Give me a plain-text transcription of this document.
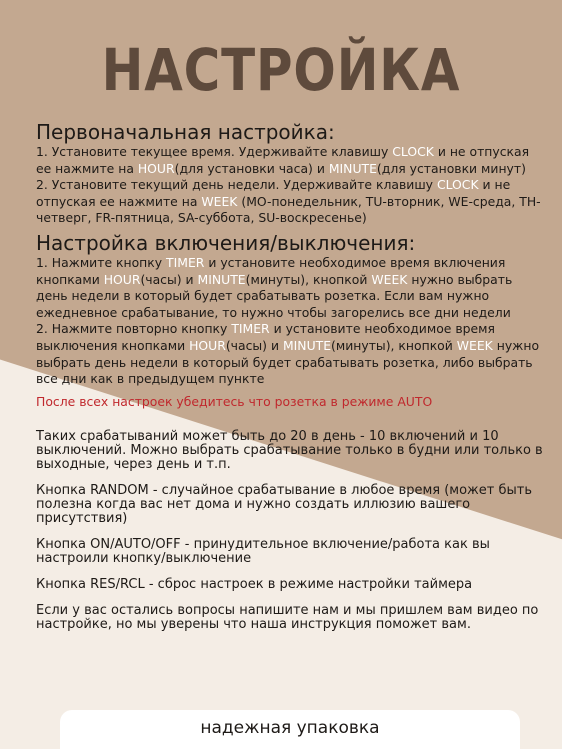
НАСТРОЙКА
Первоначальная настройка:

1. Установите текущее время. Удерживайте клавишу CLOCK и не отпуская ее нажмите на HOUR(для установки часа) и MINUTE(для установки минут)

2. Установите текущий день недели. Удерживайте клавишу CLOCK и не отпуская ее нажмите на WEEK (MO-понедельник, TU-вторник, WE-среда, TH-четверг, FR-пятница, SA-суббота, SU-воскресенье)

Настройка включения/выключения:

1. Нажмите кнопку TIMER и установите необходимое время включения кнопками HOUR(часы) и MINUTE(минуты), кнопкой WEEK нужно выбрать день недели в который будет срабатывать розетка. Если вам нужно ежедневное срабатывание, то нужно чтобы загорелись все дни недели

2. Нажмите повторно кнопку TIMER и установите необходимое время выключения кнопками HOUR(часы) и MINUTE(минуты), кнопкой WEEK нужно выбрать день недели в который будет срабатывать розетка, либо выбрать все дни как в предыдущем пункте

После всех настроек убедитесь что розетка в режиме AUTO

Таких срабатываний может быть до 20 в день - 10 включений и 10 выключений. Можно выбрать срабатывание только в будни или только в выходные, через день и т.п.

Кнопка RANDOM - случайное срабатывание в любое время (может быть полезна когда вас нет дома и нужно создать иллюзию вашего присутствия)

Кнопка ON/AUTO/OFF - принудительное включение/работа как вы настроили кнопку/выключение

Кнопка RES/RCL - сброс настроек в режиме настройки таймера

Если у вас остались вопросы напишите нам и мы пришлем вам видео по настройке, но мы уверены что наша инструкция поможет вам.

надежная упаковка
